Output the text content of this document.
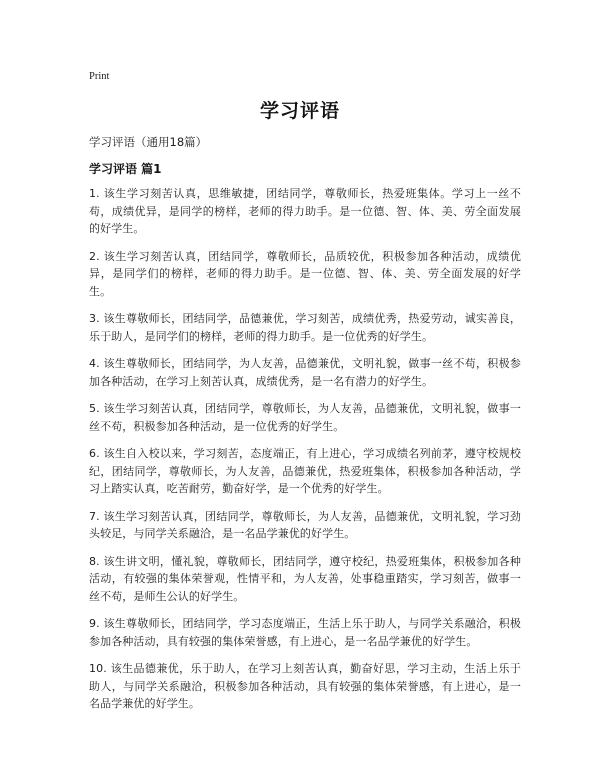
Print
学习评语
学习评语（通用18篇）
学习评语 篇1
1. 该生学习刻苦认真，思维敏捷，团结同学，尊敬师长，热爱班集体。学习上一丝不苟，成绩优异，是同学的榜样，老师的得力助手。是一位德、智、体、美、劳全面发展的好学生。
2. 该生学习刻苦认真，团结同学，尊敬师长，品质较优，积极参加各种活动，成绩优异，是同学们的榜样，老师的得力助手。是一位德、智、体、美、劳全面发展的好学生。
3. 该生尊敬师长，团结同学，品德兼优，学习刻苦，成绩优秀，热爱劳动，诚实善良，乐于助人，是同学们的榜样，老师的得力助手。是一位优秀的好学生。
4. 该生尊敬师长，团结同学，为人友善，品德兼优，文明礼貌，做事一丝不苟，积极参加各种活动，在学习上刻苦认真，成绩优秀，是一名有潜力的好学生。
5. 该生学习刻苦认真，团结同学，尊敬师长，为人友善，品德兼优，文明礼貌，做事一丝不苟，积极参加各种活动，是一位优秀的好学生。
6. 该生自入校以来，学习刻苦，态度端正，有上进心，学习成绩名列前茅，遵守校规校纪，团结同学，尊敬师长，为人友善，品德兼优，热爱班集体，积极参加各种活动，学习上踏实认真，吃苦耐劳，勤奋好学，是一个优秀的好学生。
7. 该生学习刻苦认真，团结同学，尊敬师长，为人友善，品德兼优，文明礼貌，学习劲头较足，与同学关系融洽，是一名品学兼优的好学生。
8. 该生讲文明，懂礼貌，尊敬师长，团结同学，遵守校纪，热爱班集体，积极参加各种活动，有较强的集体荣誉观，性情平和，为人友善，处事稳重踏实，学习刻苦，做事一丝不苟，是师生公认的好学生。
9. 该生尊敬师长，团结同学，学习态度端正，生活上乐于助人，与同学关系融洽，积极参加各种活动，具有较强的集体荣誉感，有上进心，是一名品学兼优的好学生。
10. 该生品德兼优，乐于助人，在学习上刻苦认真，勤奋好思，学习主动，生活上乐于助人，与同学关系融洽，积极参加各种活动，具有较强的集体荣誉感，有上进心，是一名品学兼优的好学生。
